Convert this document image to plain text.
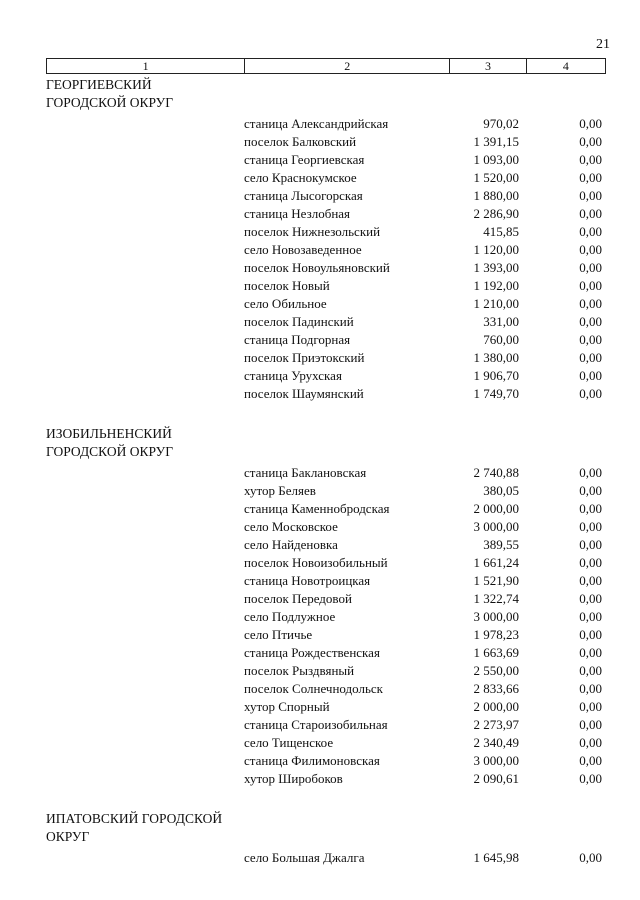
21
1	2	3	4
ГЕОРГИЕВСКИЙ ГОРОДСКОЙ ОКРУГ
станица Александрийская	970,02	0,00
поселок Балковский	1 391,15	0,00
станица Георгиевская	1 093,00	0,00
село Краснокумское	1 520,00	0,00
станица Лысогорская	1 880,00	0,00
станица Незлобная	2 286,90	0,00
поселок Нижнезольский	415,85	0,00
село Новозаведенное	1 120,00	0,00
поселок Новоульяновский	1 393,00	0,00
поселок Новый	1 192,00	0,00
село Обильное	1 210,00	0,00
поселок Падинский	331,00	0,00
станица Подгорная	760,00	0,00
поселок Приэтокский	1 380,00	0,00
станица Урухская	1 906,70	0,00
поселок Шаумянский	1 749,70	0,00
ИЗОБИЛЬНЕНСКИЙ ГОРОДСКОЙ ОКРУГ
станица Баклановская	2 740,88	0,00
хутор Беляев	380,05	0,00
станица Каменнобродская	2 000,00	0,00
село Московское	3 000,00	0,00
село Найденовка	389,55	0,00
поселок Новоизобильный	1 661,24	0,00
станица Новотроицкая	1 521,90	0,00
поселок Передовой	1 322,74	0,00
село Подлужное	3 000,00	0,00
село Птичье	1 978,23	0,00
станица Рождественская	1 663,69	0,00
поселок Рыздвяный	2 550,00	0,00
поселок Солнечнодольск	2 833,66	0,00
хутор Спорный	2 000,00	0,00
станица Староизобильная	2 273,97	0,00
село Тищенское	2 340,49	0,00
станица Филимоновская	3 000,00	0,00
хутор Широбоков	2 090,61	0,00
ИПАТОВСКИЙ ГОРОДСКОЙ ОКРУГ
село Большая Джалга	1 645,98	0,00
